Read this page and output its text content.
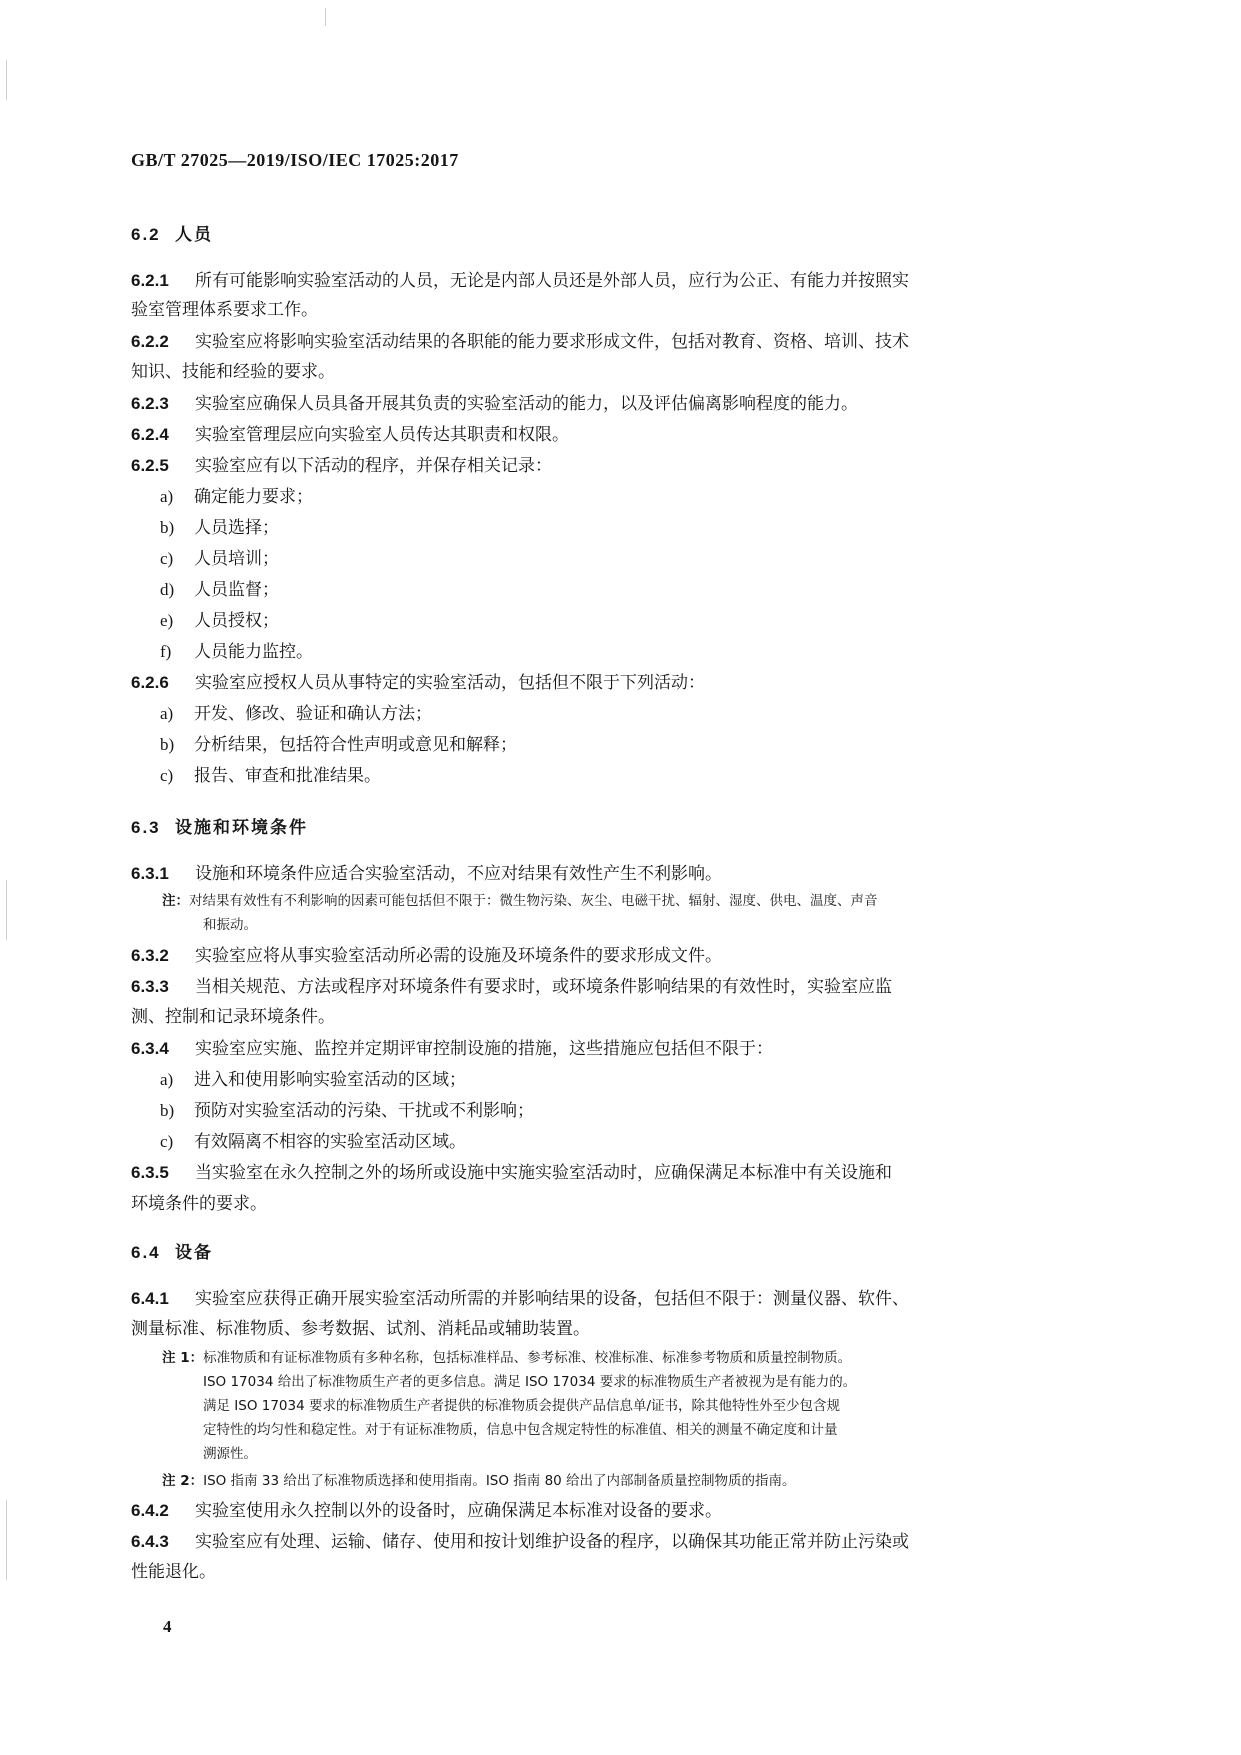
GB/T 27025—2019/ISO/IEC 17025:2017
6.2 人员
6.2.1 所有可能影响实验室活动的人员，无论是内部人员还是外部人员，应行为公正、有能力并按照实
验室管理体系要求工作。
6.2.2 实验室应将影响实验室活动结果的各职能的能力要求形成文件，包括对教育、资格、培训、技术
知识、技能和经验的要求。
6.2.3 实验室应确保人员具备开展其负责的实验室活动的能力，以及评估偏离影响程度的能力。
6.2.4 实验室管理层应向实验室人员传达其职责和权限。
6.2.5 实验室应有以下活动的程序，并保存相关记录：
a) 确定能力要求；
b) 人员选择；
c) 人员培训；
d) 人员监督；
e) 人员授权；
f) 人员能力监控。
6.2.6 实验室应授权人员从事特定的实验室活动，包括但不限于下列活动：
a) 开发、修改、验证和确认方法；
b) 分析结果，包括符合性声明或意见和解释；
c) 报告、审查和批准结果。
6.3 设施和环境条件
6.3.1 设施和环境条件应适合实验室活动，不应对结果有效性产生不利影响。
注：对结果有效性有不利影响的因素可能包括但不限于：微生物污染、灰尘、电磁干扰、辐射、湿度、供电、温度、声音
和振动。
6.3.2 实验室应将从事实验室活动所必需的设施及环境条件的要求形成文件。
6.3.3 当相关规范、方法或程序对环境条件有要求时，或环境条件影响结果的有效性时，实验室应监
测、控制和记录环境条件。
6.3.4 实验室应实施、监控并定期评审控制设施的措施，这些措施应包括但不限于：
a) 进入和使用影响实验室活动的区域；
b) 预防对实验室活动的污染、干扰或不利影响；
c) 有效隔离不相容的实验室活动区域。
6.3.5 当实验室在永久控制之外的场所或设施中实施实验室活动时，应确保满足本标准中有关设施和
环境条件的要求。
6.4 设备
6.4.1 实验室应获得正确开展实验室活动所需的并影响结果的设备，包括但不限于：测量仪器、软件、
测量标准、标准物质、参考数据、试剂、消耗品或辅助装置。
注 1：标准物质和有证标准物质有多种名称，包括标准样品、参考标准、校准标准、标准参考物质和质量控制物质。
ISO 17034 给出了标准物质生产者的更多信息。满足 ISO 17034 要求的标准物质生产者被视为是有能力的。
满足 ISO 17034 要求的标准物质生产者提供的标准物质会提供产品信息单/证书，除其他特性外至少包含规
定特性的均匀性和稳定性。对于有证标准物质，信息中包含规定特性的标准值、相关的测量不确定度和计量
溯源性。
注 2：ISO 指南 33 给出了标准物质选择和使用指南。ISO 指南 80 给出了内部制备质量控制物质的指南。
6.4.2 实验室使用永久控制以外的设备时，应确保满足本标准对设备的要求。
6.4.3 实验室应有处理、运输、储存、使用和按计划维护设备的程序，以确保其功能正常并防止污染或
性能退化。
4
